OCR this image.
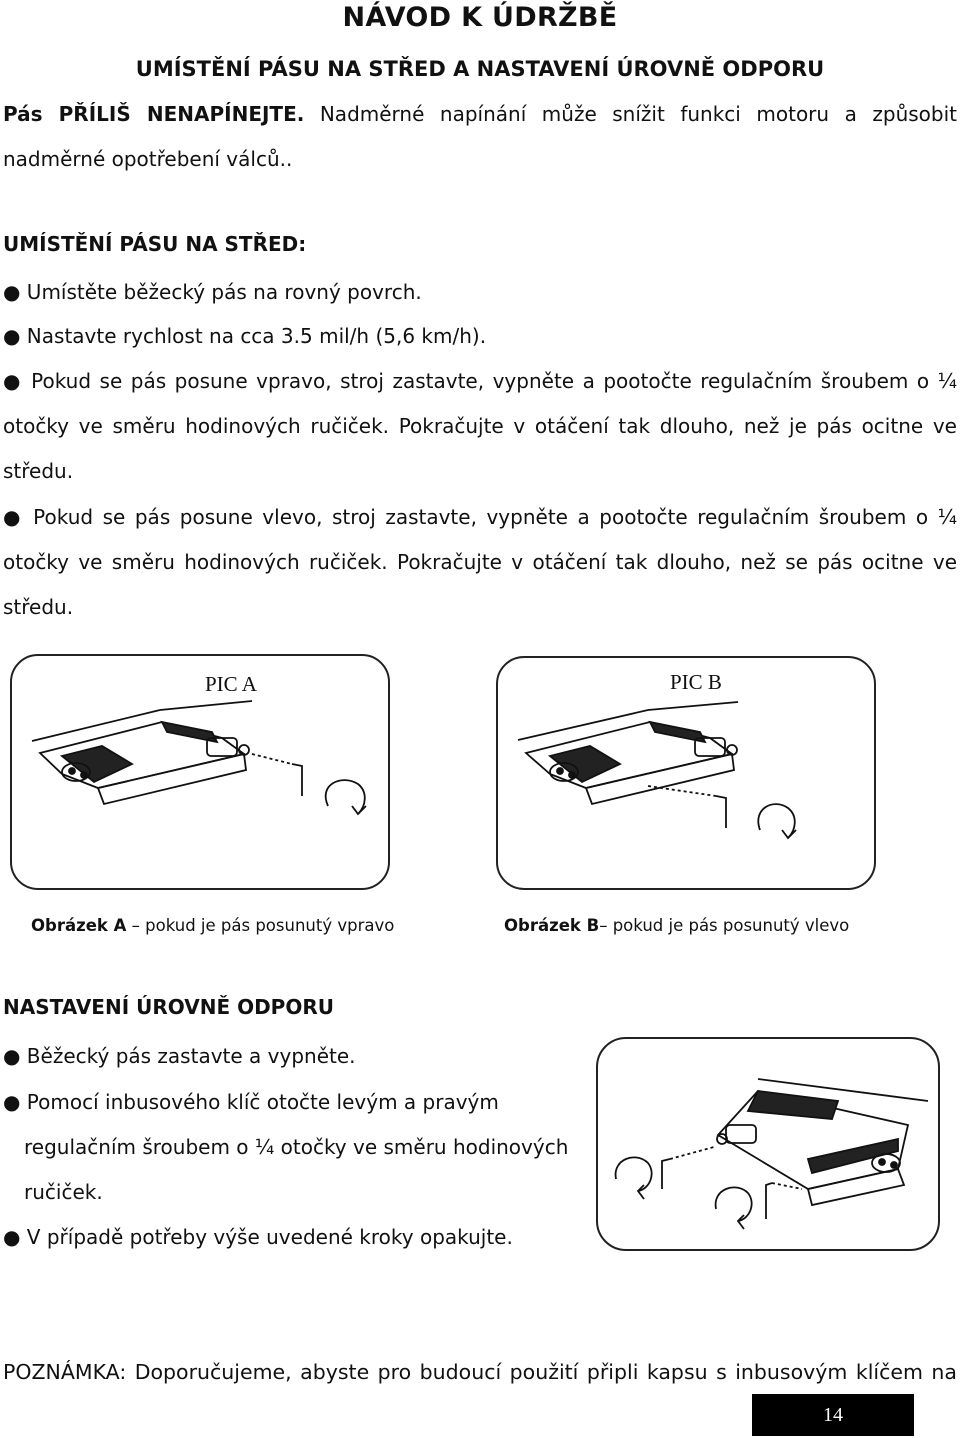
NÁVOD K ÚDRŽBĚ
UMÍSTĚNÍ PÁSU NA STŘED A NASTAVENÍ ÚROVNĚ ODPORU
Pás PŘÍLIŠ NENAPÍNEJTE. Nadměrné napínání může snížit funkci motoru a způsobit nadměrné opotřebení válců..
UMÍSTĚNÍ PÁSU NA STŘED:
● Umístěte běžecký pás na rovný povrch.
● Nastavte rychlost na cca 3.5 mil/h (5,6 km/h).
● Pokud se pás posune vpravo, stroj zastavte, vypněte a pootočte regulačním šroubem o ¼ otočky ve směru hodinových ručiček. Pokračujte v otáčení tak dlouho, než je pás ocitne ve středu.
● Pokud se pás posune vlevo, stroj zastavte, vypněte a pootočte regulačním šroubem o ¼ otočky ve směru hodinových ručiček. Pokračujte v otáčení tak dlouho, než se pás ocitne ve středu.
PIC A	PIC B
Obrázek A – pokud je pás posunutý vpravo	Obrázek B– pokud je pás posunutý vlevo
NASTAVENÍ ÚROVNĚ ODPORU
● Běžecký pás zastavte a vypněte.
● Pomocí inbusového klíč otočte levým a pravým
regulačním šroubem o ¼ otočky ve směru hodinových
ručiček.
● V případě potřeby výše uvedené kroky opakujte.
POZNÁMKA: Doporučujeme, abyste pro budoucí použití připli kapsu s inbusovým klíčem na
14
